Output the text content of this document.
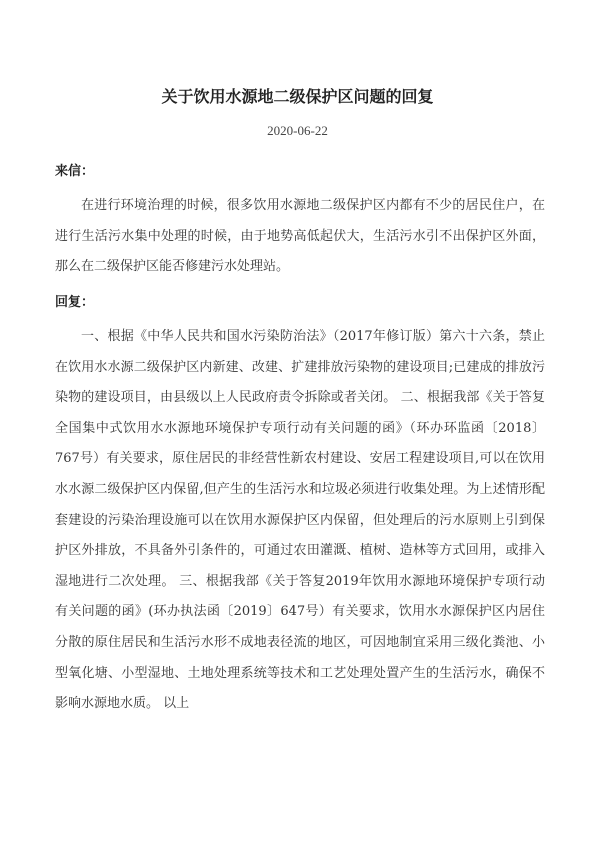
关于饮用水源地二级保护区问题的回复
2020-06-22
来信：
在进行环境治理的时候，很多饮用水源地二级保护区内都有不少的居民住户，在进行生活污水集中处理的时候，由于地势高低起伏大，生活污水引不出保护区外面，那么在二级保护区能否修建污水处理站。
回复：
一、根据《中华人民共和国水污染防治法》（2017年修订版）第六十六条，禁止在饮用水水源二级保护区内新建、改建、扩建排放污染物的建设项目;已建成的排放污染物的建设项目，由县级以上人民政府责令拆除或者关闭。 二、根据我部《关于答复全国集中式饮用水水源地环境保护专项行动有关问题的函》（环办环监函〔2018〕767号）有关要求，原住居民的非经营性新农村建设、安居工程建设项目,可以在饮用水水源二级保护区内保留,但产生的生活污水和垃圾必须进行收集处理。为上述情形配套建设的污染治理设施可以在饮用水源保护区内保留，但处理后的污水原则上引到保护区外排放，不具备外引条件的，可通过农田灌溉、植树、造林等方式回用，或排入湿地进行二次处理。 三、根据我部《关于答复2019年饮用水源地环境保护专项行动有关问题的函》(环办执法函〔2019〕647号）有关要求，饮用水水源保护区内居住分散的原住居民和生活污水形不成地表径流的地区，可因地制宜采用三级化粪池、小型氧化塘、小型湿地、土地处理系统等技术和工艺处理处置产生的生活污水，确保不影响水源地水质。 以上
